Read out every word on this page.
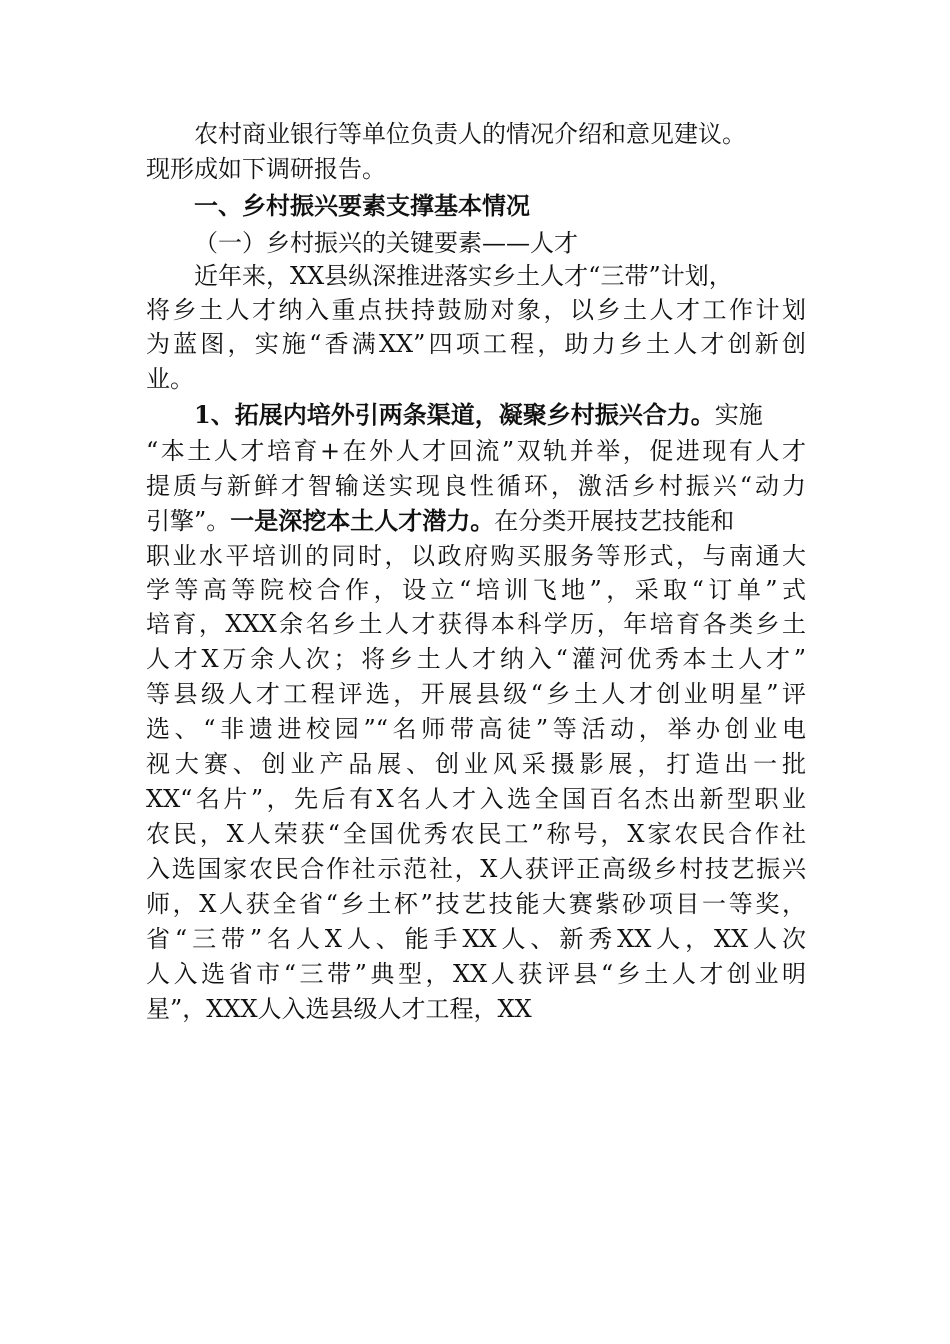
农村商业银行等单位负责人的情况介绍和意见建议。
现形成如下调研报告。
一、乡村振兴要素支撑基本情况
（一）乡村振兴的关键要素——人才
近年来，XX县纵深推进落实乡土人才“三带”计划，
将乡土人才纳入重点扶持鼓励对象，以乡土人才工作计划
为蓝图，实施“香满XX”四项工程，助力乡土人才创新创
业。
1、拓展内培外引两条渠道，凝聚乡村振兴合力。实施
“本土人才培育+在外人才回流”双轨并举，促进现有人才
提质与新鲜才智输送实现良性循环，激活乡村振兴“动力
引擎”。一是深挖本土人才潜力。在分类开展技艺技能和
职业水平培训的同时，以政府购买服务等形式，与南通大
学等高等院校合作，设立“培训飞地”，采取“订单”式
培育，XXX余名乡土人才获得本科学历，年培育各类乡土
人才X万余人次；将乡土人才纳入“灌河优秀本土人才”
等县级人才工程评选，开展县级“乡土人才创业明星”评
选、“非遗进校园”“名师带高徒”等活动，举办创业电
视大赛、创业产品展、创业风采摄影展，打造出一批
XX“名片”，先后有X名人才入选全国百名杰出新型职业
农民，X人荣获“全国优秀农民工”称号，X家农民合作社
入选国家农民合作社示范社，X人获评正高级乡村技艺振兴
师，X人获全省“乡土杯”技艺技能大赛紫砂项目一等奖，
省“三带”名人X人、能手XX人、新秀XX人，XX人次
人入选省市“三带”典型，XX人获评县“乡土人才创业明
星”，XXX人入选县级人才工程，XX
